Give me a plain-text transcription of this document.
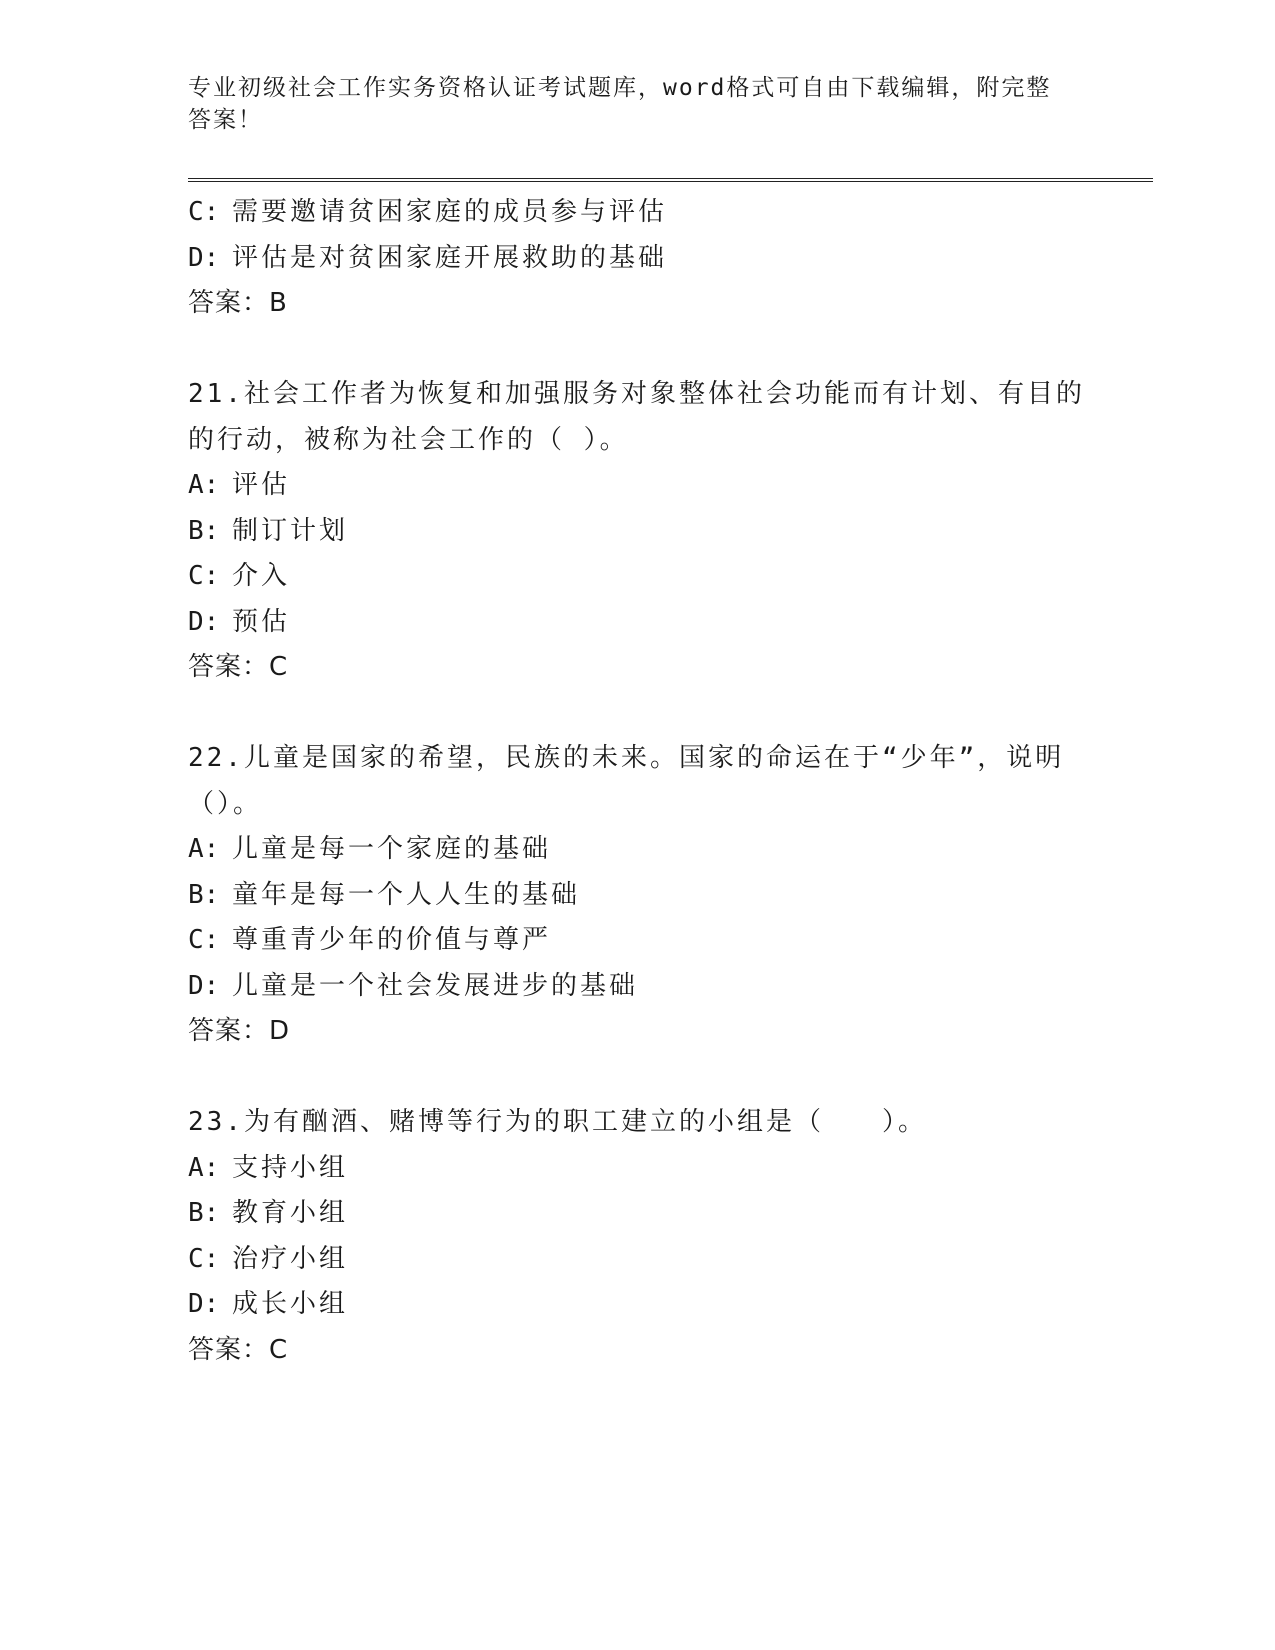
专业初级社会工作实务资格认证考试题库，word格式可自由下载编辑，附完整答案！
C: 需要邀请贫困家庭的成员参与评估
D: 评估是对贫困家庭开展救助的基础
答案：B
21.社会工作者为恢复和加强服务对象整体社会功能而有计划、有目的的行动，被称为社会工作的（ ）。
A: 评估
B: 制订计划
C: 介入
D: 预估
答案：C
22.儿童是国家的希望，民族的未来。国家的命运在于“少年”，说明（）。
A: 儿童是每一个家庭的基础
B: 童年是每一个人人生的基础
C: 尊重青少年的价值与尊严
D: 儿童是一个社会发展进步的基础
答案：D
23.为有酗酒、赌博等行为的职工建立的小组是（　　）。
A: 支持小组
B: 教育小组
C: 治疗小组
D: 成长小组
答案：C
